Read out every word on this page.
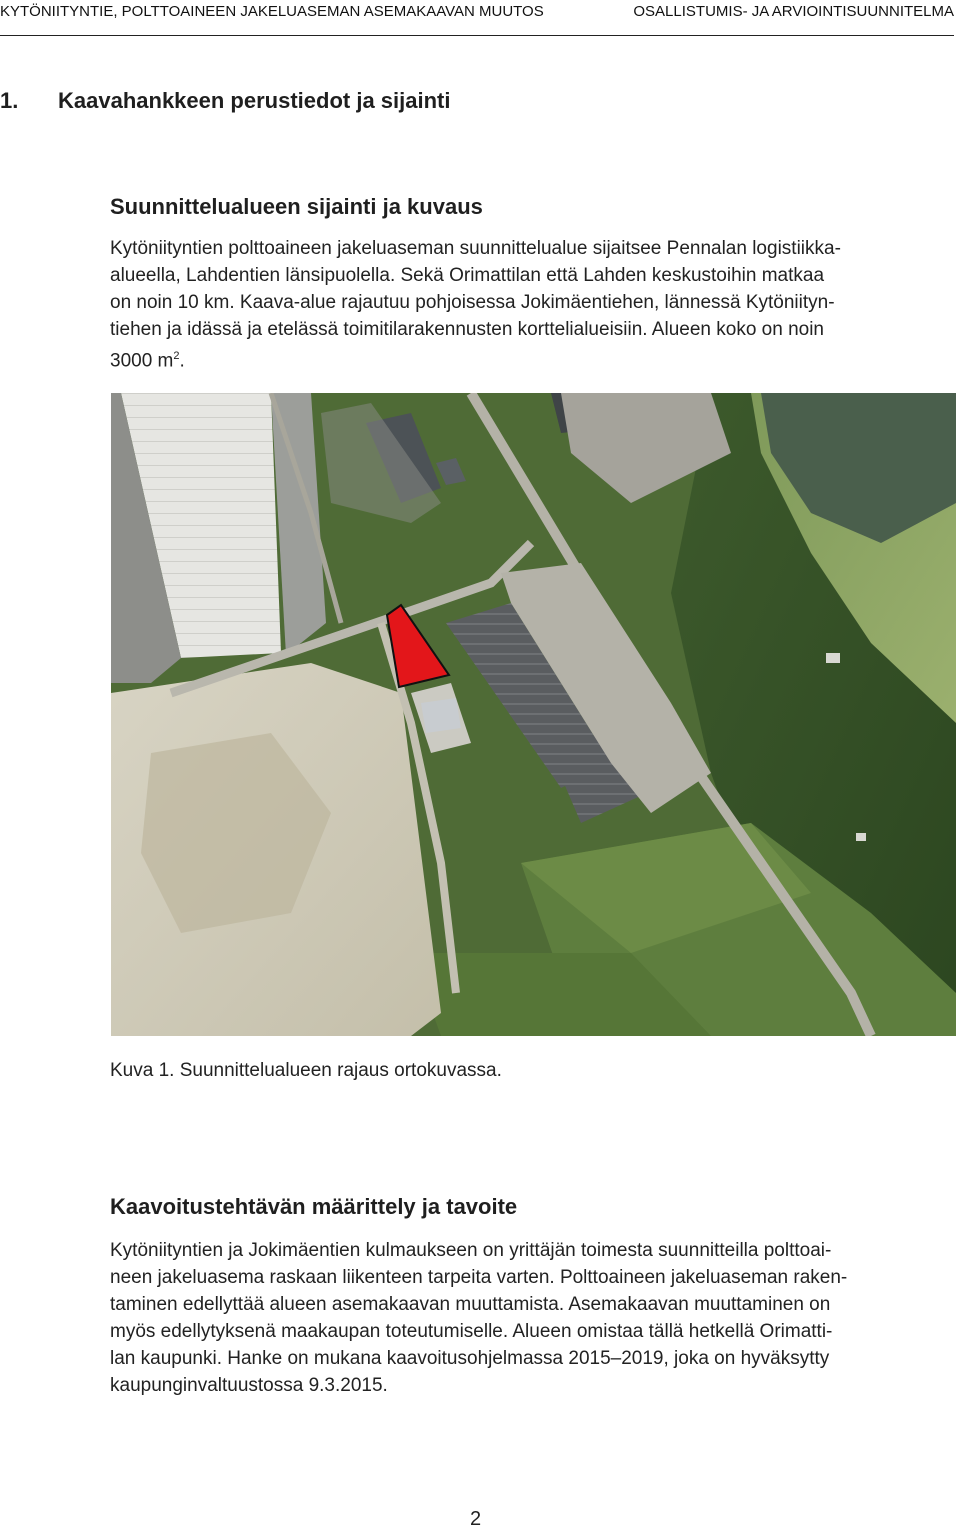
KYTÖNIITYNTIE, POLTTOAINEEN JAKELUASEMAN ASEMAKAAVAN MUUTOS	OSALLISTUMIS- JA ARVIOINTISUUNNITELMA
1. Kaavahankkeen perustiedot ja sijainti
Suunnittelualueen sijainti ja kuvaus
Kytöniityntien polttoaineen jakeluaseman suunnittelualue sijaitsee Pennalan logistiikka-
alueella, Lahdentien länsipuolella. Sekä Orimattilan että Lahden keskustoihin matkaa
on noin 10 km. Kaava-alue rajautuu pohjoisessa Jokimäentiehen, lännessä Kytöniityn-
tiehen ja idässä ja etelässä toimitilarakennusten korttelialueisiin. Alueen koko on noin
3000 $m^2$.
Kuva 1. Suunnittelualueen rajaus ortokuvassa.
Kaavoitustehtävän määrittely ja tavoite
Kytöniityntien ja Jokimäentien kulmaukseen on yrittäjän toimesta suunnitteilla polttoai-
neen jakeluasema raskaan liikenteen tarpeita varten. Polttoaineen jakeluaseman raken-
taminen edellyttää alueen asemakaavan muuttamista. Asemakaavan muuttaminen on
myös edellytyksenä maakaupan toteutumiselle. Alueen omistaa tällä hetkellä Orimatti-
lan kaupunki. Hanke on mukana kaavoitusohjelmassa 2015–2019, joka on hyväksytty
kaupunginvaltuustossa 9.3.2015.
2
